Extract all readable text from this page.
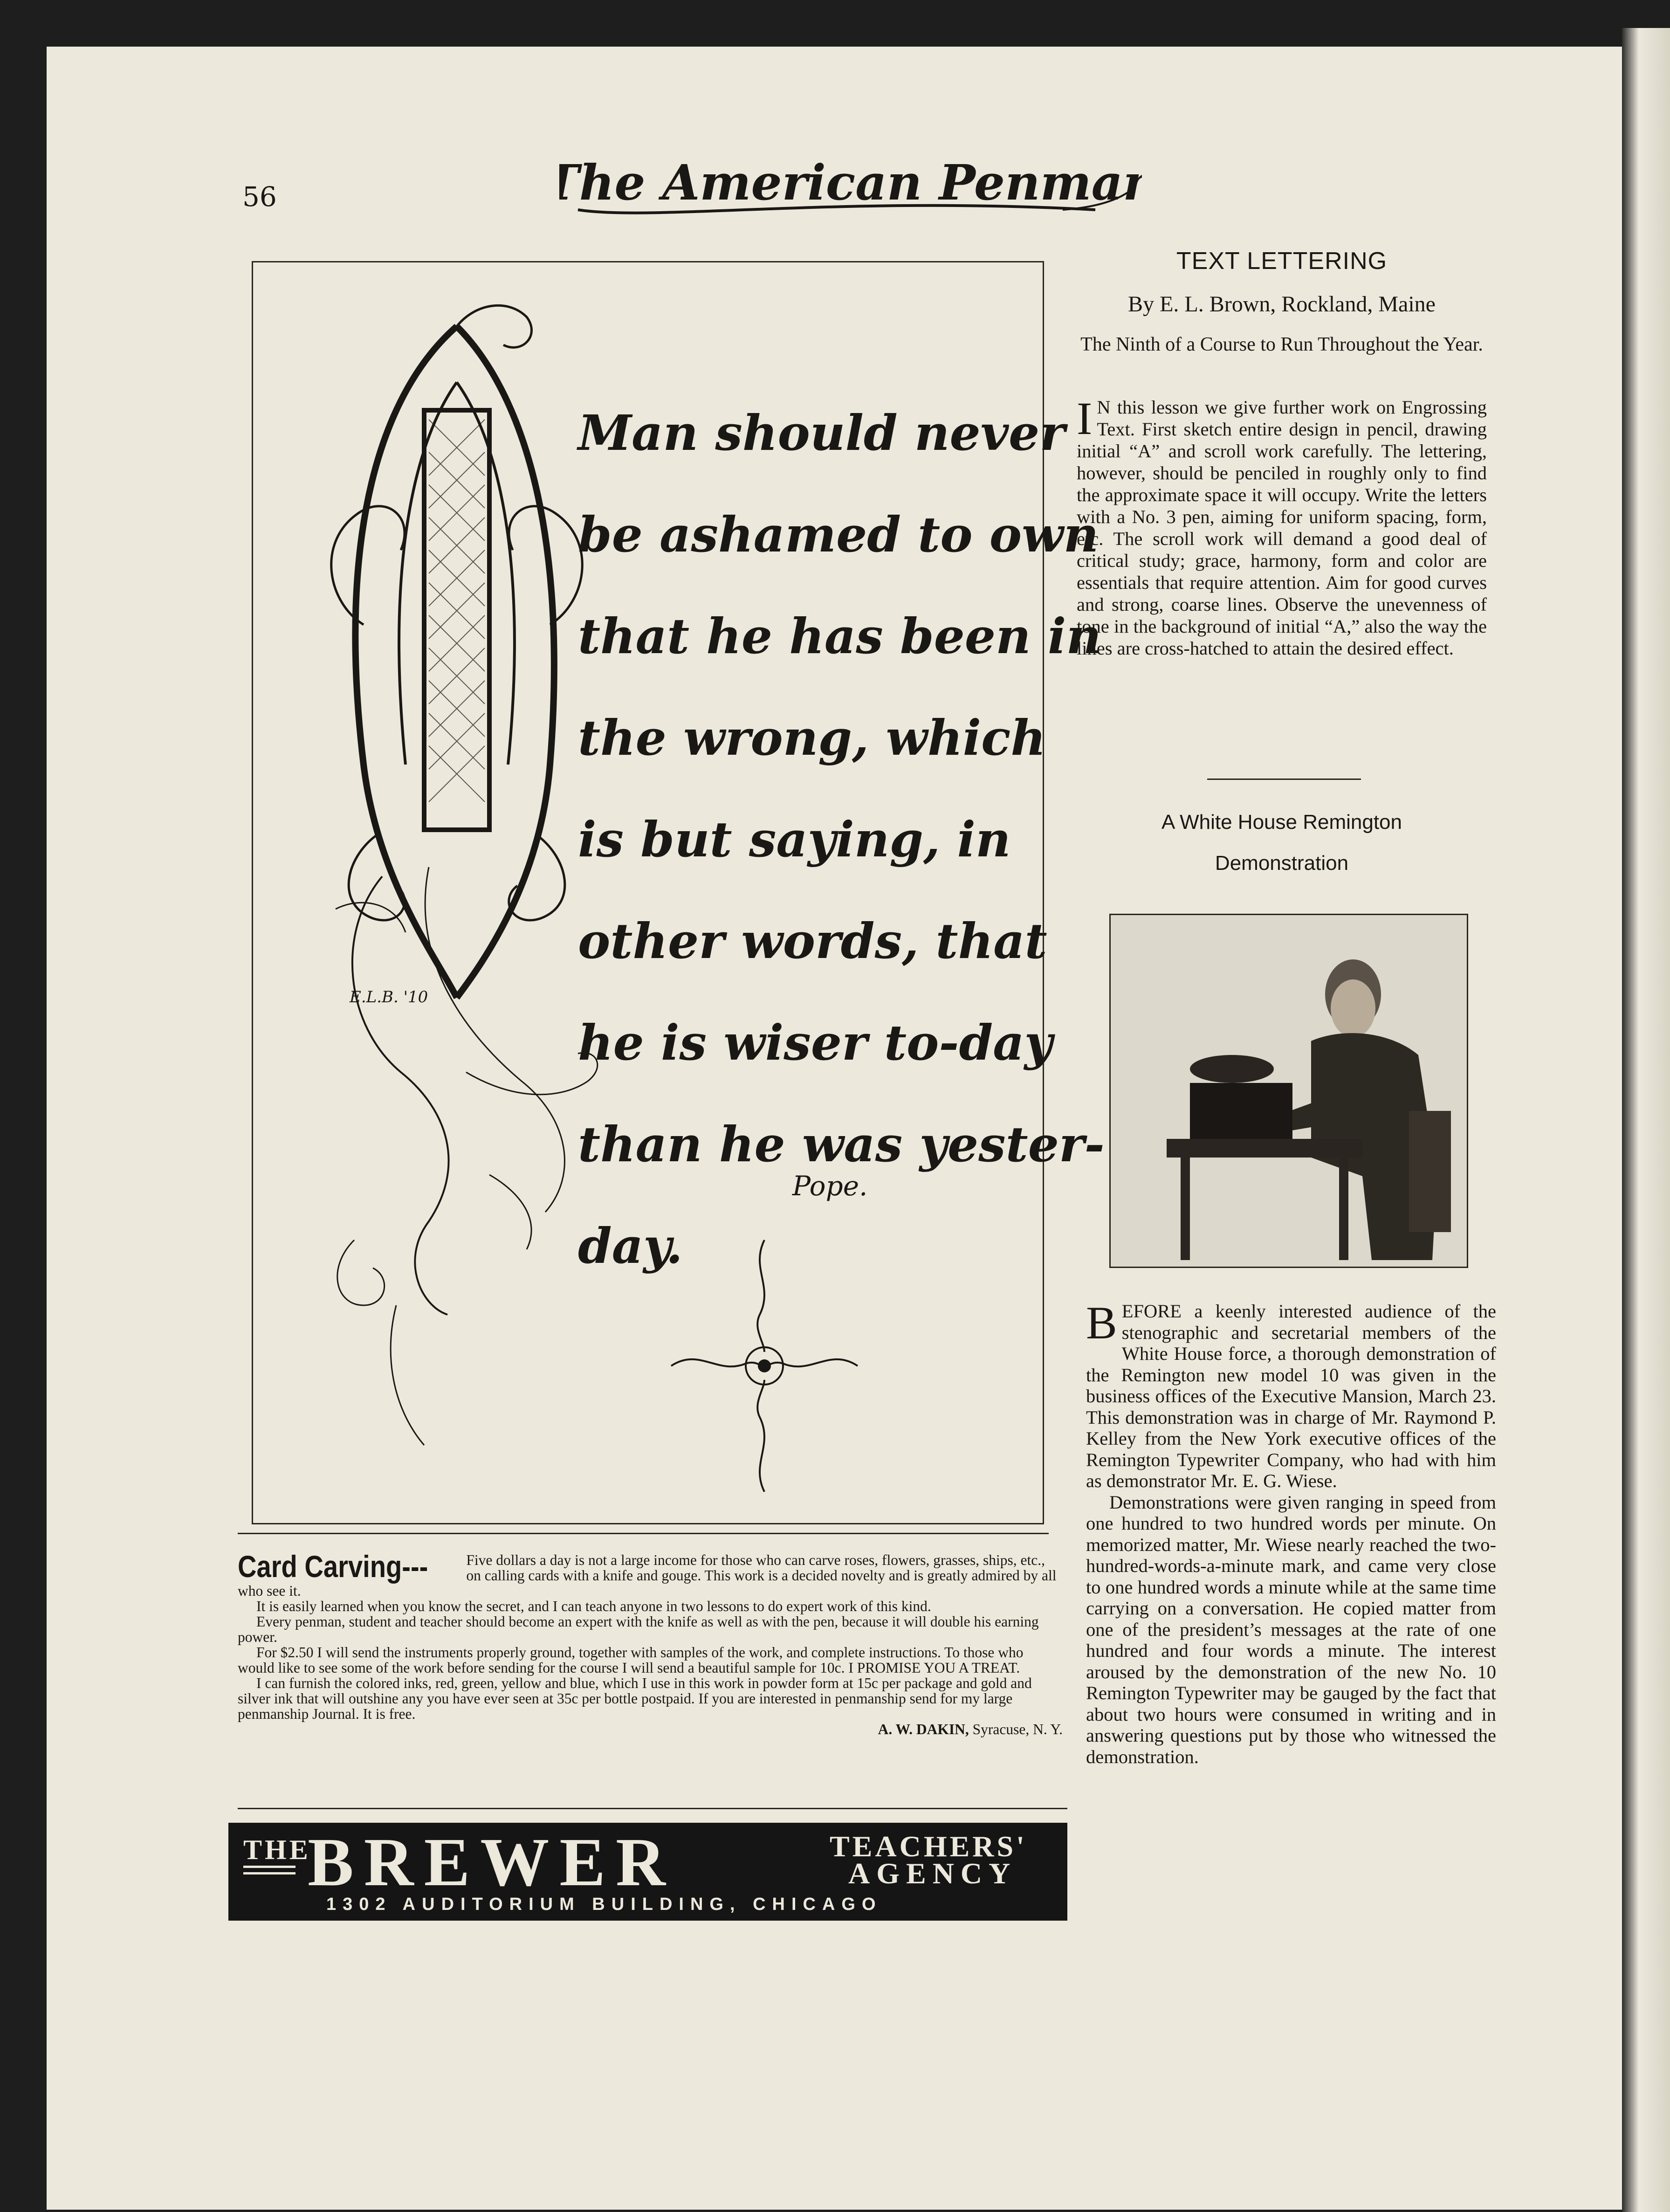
56	The American Penman
E.L.B. '10
Man should never
be ashamed to own
that he has been in
the wrong, which
is but saying, in
other words, that
he is wiser to-day
than he was yester-
day.
Pope.
TEXT LETTERING
By E. L. Brown, Rockland, Maine
The Ninth of a Course to Run Throughout the Year.
I N this lesson we give further work on Engrossing Text. First sketch entire design in pencil, drawing initial “A” and scroll work carefully. The lettering, however, should be penciled in roughly only to find the approximate space it will occupy. Write the letters with a No. 3 pen, aiming for uniform spacing, form, etc. The scroll work will demand a good deal of critical study; grace, harmony, form and color are essentials that require attention. Aim for good curves and strong, coarse lines. Observe the unevenness of tone in the background of initial “A,” also the way the lines are cross-hatched to attain the desired effect.
A White House Remington
Demonstration

BEFORE a keenly interested audience of the stenographic and secretarial members of the White House force, a thorough demonstration of the Remington new model 10 was given in the business offices of the Executive Mansion, March 23. This demonstration was in charge of Mr. Raymond P. Kelley from the New York executive offices of the Remington Typewriter Company, who had with him as demonstrator Mr. E. G. Wiese.

Demonstrations were given ranging in speed from one hundred to two hundred words per minute. On memorized matter, Mr. Wiese nearly reached the two-hundred-words-a-minute mark, and came very close to one hundred words a minute while at the same time carrying on a conversation. He copied matter from one of the president’s messages at the rate of one hundred and four words a minute. The interest aroused by the demonstration of the new No. 10 Remington Typewriter may be gauged by the fact that about two hours were consumed in writing and in answering questions put by those who witnessed the demonstration.

Card Carving---	Five dollars a day is not a large income for those who can carve roses, flowers, grasses, ships, etc., on calling cards with a knife and gouge. This work is a decided novelty and is greatly admired by all who see it.

It is easily learned when you know the secret, and I can teach anyone in two lessons to do expert work of this kind.

Every penman, student and teacher should become an expert with the knife as well as with the pen, because it will double his earning power.

For $2.50 I will send the instruments properly ground, together with samples of the work, and complete instructions. To those who would like to see some of the work before sending for the course I will send a beautiful sample for 10c. I PROMISE YOU A TREAT.

I can furnish the colored inks, red, green, yellow and blue, which I use in this work in powder form at 15c per package and gold and silver ink that will outshine any you have ever seen at 35c per bottle postpaid. If you are interested in penmanship send for my large penmanship Journal. It is free.

A. W. DAKIN, Syracuse, N. Y.
THE
BREWER	TEACHERS'
AGENCY
1302 AUDITORIUM BUILDING, CHICAGO
